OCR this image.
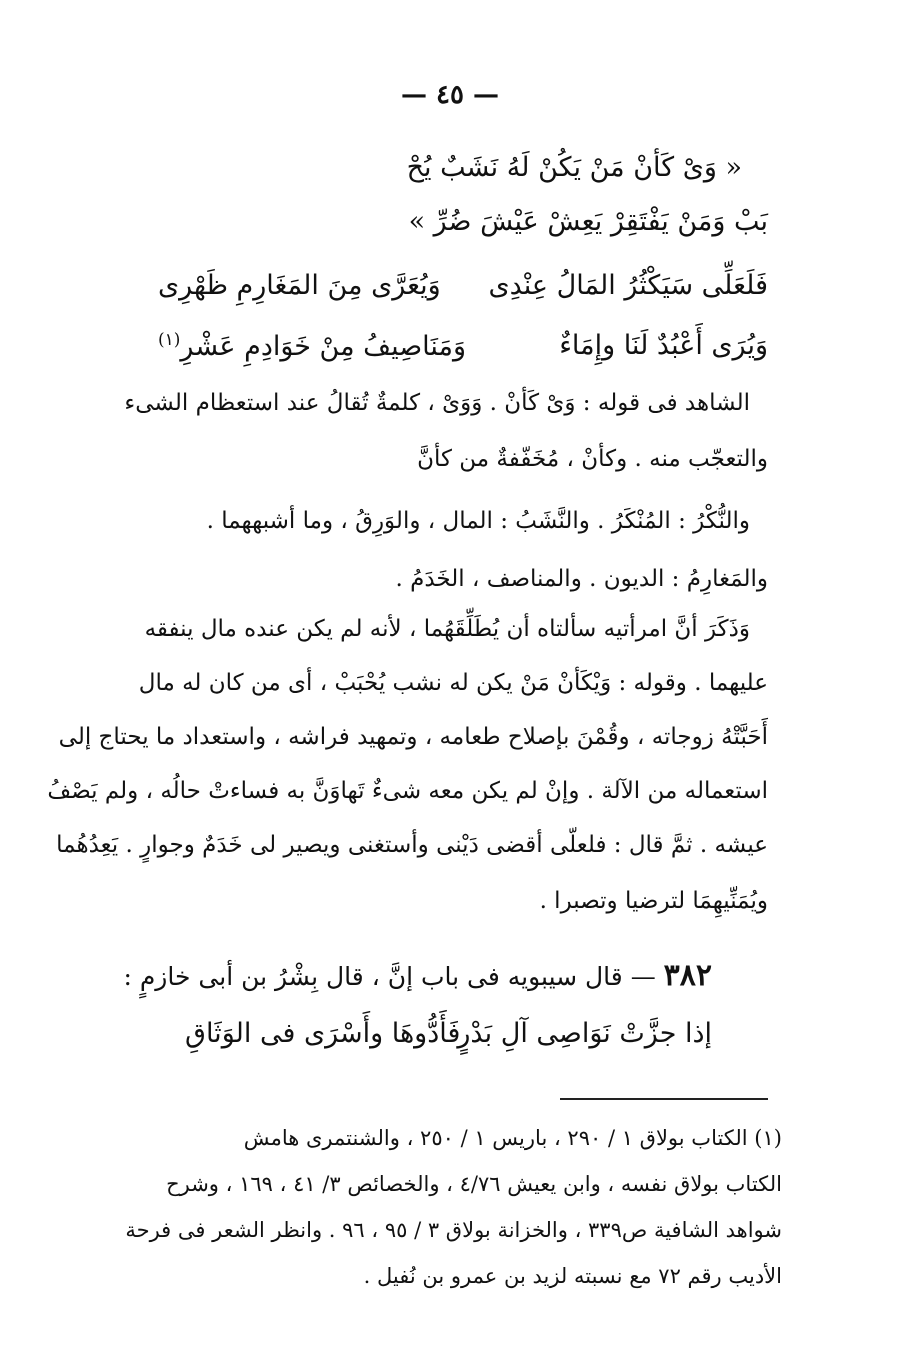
— ٤٥ —
« وَىْ كَأنْ مَنْ يَكُنْ لَهُ نَشَبٌ يُحْ
بَبْ وَمَنْ يَفْتَقِرْ يَعِشْ عَيْشَ ضُرِّ »
فَلَعَلِّى سَيَكْثُرُ المَالُ عِنْدِى
وَيُعَرَّى مِنَ المَغَارِمِ ظَهْرِى
وَيُرَى أَعْبُدٌ لَنَا وإِمَاءٌ
وَمَنَاصِيفُ مِنْ خَوَادِمِ عَشْرِ$^{(١)}$
الشاهد فى قوله : وَىْ كَأنْ . وَوَىْ ، كلمةٌ تُقالُ عند استعظام الشىء
والتعجّب منه . وكأنْ ، مُخَفّفةٌ من كأنَّ
والنُّكْرُ : المُنْكَرُ . والنَّشَبُ : المال ، والوَرِقُ ، وما أشبههما .
والمَغارِمُ : الديون . والمناصف ، الخَدَمُ .
وَذَكَرَ أنَّ امرأتيه سألتاه أن يُطَلِّقَهُما ، لأنه لم يكن عنده مال ينفقه
عليهما . وقوله : وَيْكَأنْ مَنْ يكن له نشب يُحْبَبْ ، أى من كان له مال
أَحَبَّتْهُ زوجاته ، وقُمْنَ بإصلاح طعامه ، وتمهيد فراشه ، واستعداد ما يحتاج إلى
استعماله من الآلة . وإنْ لم يكن معه شىءٌ تَهاوَنَّ به فساءتْ حالُه ، ولم يَصْفُ
عيشه . ثمَّ قال : فلعلّى أقضى دَيْنى وأستغنى ويصير لى خَدَمٌ وجوارٍ . يَعِدُهُما
ويُمَنِّيهِمَا لترضيا وتصبرا .
٣٨٢ — قال سيبويه فى باب إنَّ ، قال بِشْرُ بن أبى خازمٍ :
إذا جزَّتْ نَوَاصِى آلِ بَدْرٍ
فَأَدُّوهَا وأَسْرَى فى الوَثَاقِ
(١) الكتاب بولاق ١ / ٢٩٠ ، باريس ١ / ٢٥٠ ، والشنتمرى هامش
الكتاب بولاق نفسه ، وابن يعيش ٤/٧٦ ، والخصائص ٣/ ٤١ ، ١٦٩ ، وشرح
شواهد الشافية ص٣٣٩ ، والخزانة بولاق ٣ / ٩٥ ، ٩٦ . وانظر الشعر فى فرحة
الأديب رقم ٧٢ مع نسبته لزيد بن عمرو بن نُفيل .
